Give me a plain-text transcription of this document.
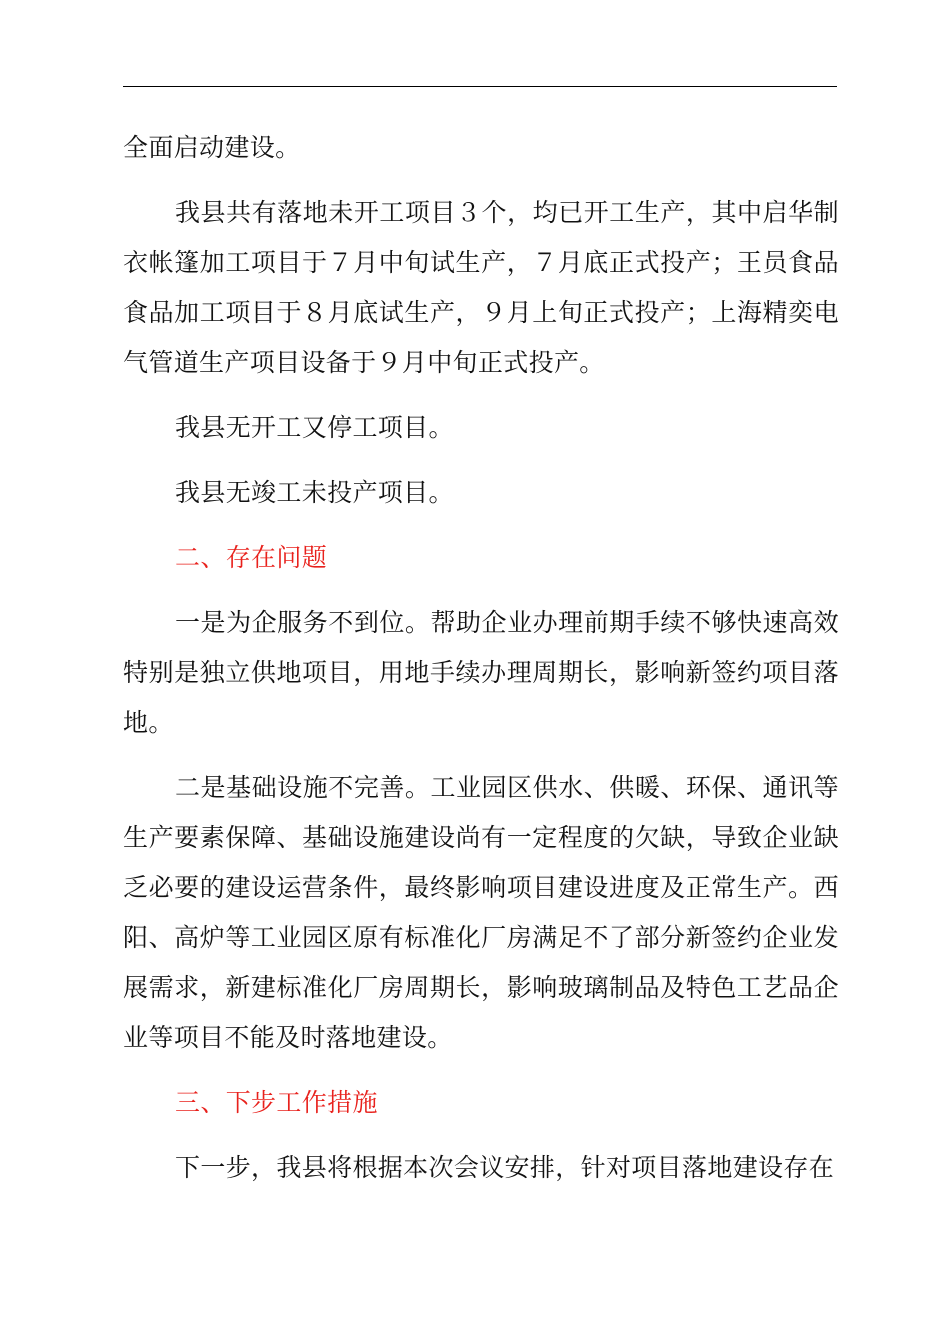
全面启动建设。

我县共有落地未开工项目３个，均已开工生产，其中启华制衣帐篷加工项目于７月中旬试生产，７月底正式投产；王员食品食品加工项目于８月底试生产，９月上旬正式投产；上海精奕电气管道生产项目设备于９月中旬正式投产。

我县无开工又停工项目。

我县无竣工未投产项目。

二、存在问题

一是为企服务不到位。帮助企业办理前期手续不够快速高效特别是独立供地项目，用地手续办理周期长，影响新签约项目落地。

二是基础设施不完善。工业园区供水、供暖、环保、通讯等生产要素保障、基础设施建设尚有一定程度的欠缺，导致企业缺乏必要的建设运营条件，最终影响项目建设进度及正常生产。西阳、高炉等工业园区原有标准化厂房满足不了部分新签约企业发展需求，新建标准化厂房周期长，影响玻璃制品及特色工艺品企业等项目不能及时落地建设。

三、下步工作措施

下一步，我县将根据本次会议安排，针对项目落地建设存在
